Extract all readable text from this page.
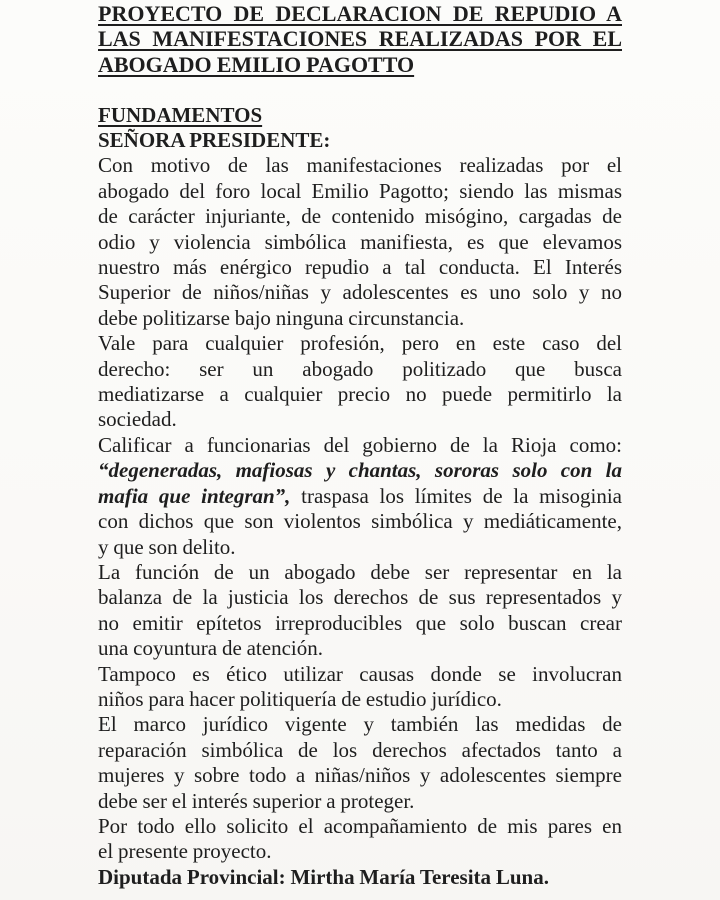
PROYECTO DE DECLARACION DE REPUDIO A
LAS MANIFESTACIONES REALIZADAS POR EL
ABOGADO EMILIO PAGOTTO
FUNDAMENTOS
SEÑORA PRESIDENTE:
Con motivo de las manifestaciones realizadas por el
abogado del foro local Emilio Pagotto; siendo las mismas
de carácter injuriante, de contenido misógino, cargadas de
odio y violencia simbólica manifiesta, es que elevamos
nuestro más enérgico repudio a tal conducta. El Interés
Superior de niños/niñas y adolescentes es uno solo y no
debe politizarse bajo ninguna circunstancia.
Vale para cualquier profesión, pero en este caso del
derecho: ser un abogado politizado que busca
mediatizarse a cualquier precio no puede permitirlo la
sociedad.
Calificar a funcionarias del gobierno de la Rioja como:
“degeneradas, mafiosas y chantas, sororas solo con la
mafia que integran”, traspasa los límites de la misoginia
con dichos que son violentos simbólica y mediáticamente,
y que son delito.
La función de un abogado debe ser representar en la
balanza de la justicia los derechos de sus representados y
no emitir epítetos irreproducibles que solo buscan crear
una coyuntura de atención.
Tampoco es ético utilizar causas donde se involucran
niños para hacer politiquería de estudio jurídico.
El marco jurídico vigente y también las medidas de
reparación simbólica de los derechos afectados tanto a
mujeres y sobre todo a niñas/niños y adolescentes siempre
debe ser el interés superior a proteger.
Por todo ello solicito el acompañamiento de mis pares en
el presente proyecto.
Diputada Provincial: Mirtha María Teresita Luna.
